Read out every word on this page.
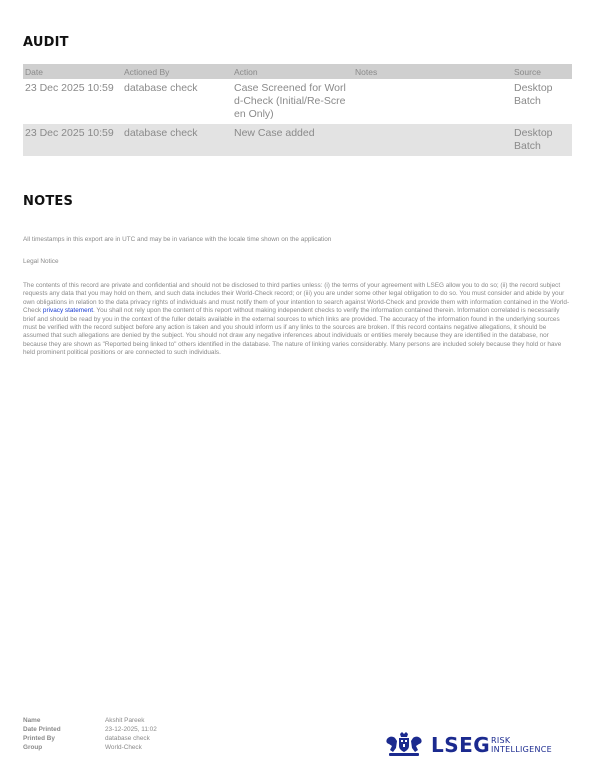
AUDIT
Date	Actioned By	Action	Notes	Source
23 Dec 2025 10:59	database check	Case Screened for World-Check (Initial/Re-Screen Only)		Desktop Batch
23 Dec 2025 10:59	database check	New Case added		Desktop Batch
NOTES

All timestamps in this export are in UTC and may be in variance with the locale time shown on the application

Legal Notice

The contents of this record are private and confidential and should not be disclosed to third parties unless: (i) the terms of your agreement with LSEG allow you to do so; (ii) the record subject requests any data that you may hold on them, and such data includes their World-Check record; or (iii) you are under some other legal obligation to do so. You must consider and abide by your own obligations in relation to the data privacy rights of individuals and must notify them of your intention to search against World-Check and provide them with information contained in the World-Check privacy statement. You shall not rely upon the content of this report without making independent checks to verify the information contained therein. Information correlated is necessarily brief and should be read by you in the context of the fuller details available in the external sources to which links are provided. The accuracy of the information found in the underlying sources must be verified with the record subject before any action is taken and you should inform us if any links to the sources are broken. If this record contains negative allegations, it should be assumed that such allegations are denied by the subject. You should not draw any negative inferences about individuals or entities merely because they are identified in the database, nor because they are shown as "Reported being linked to" others identified in the database. The nature of linking varies considerably. Many persons are included solely because they hold or have held prominent political positions or are connected to such individuals.

Name	Akshit Pareek
Date Printed	23-12-2025, 11:02
Printed By	database check
Group	World-Check	LSEG RISK
INTELLIGENCE
